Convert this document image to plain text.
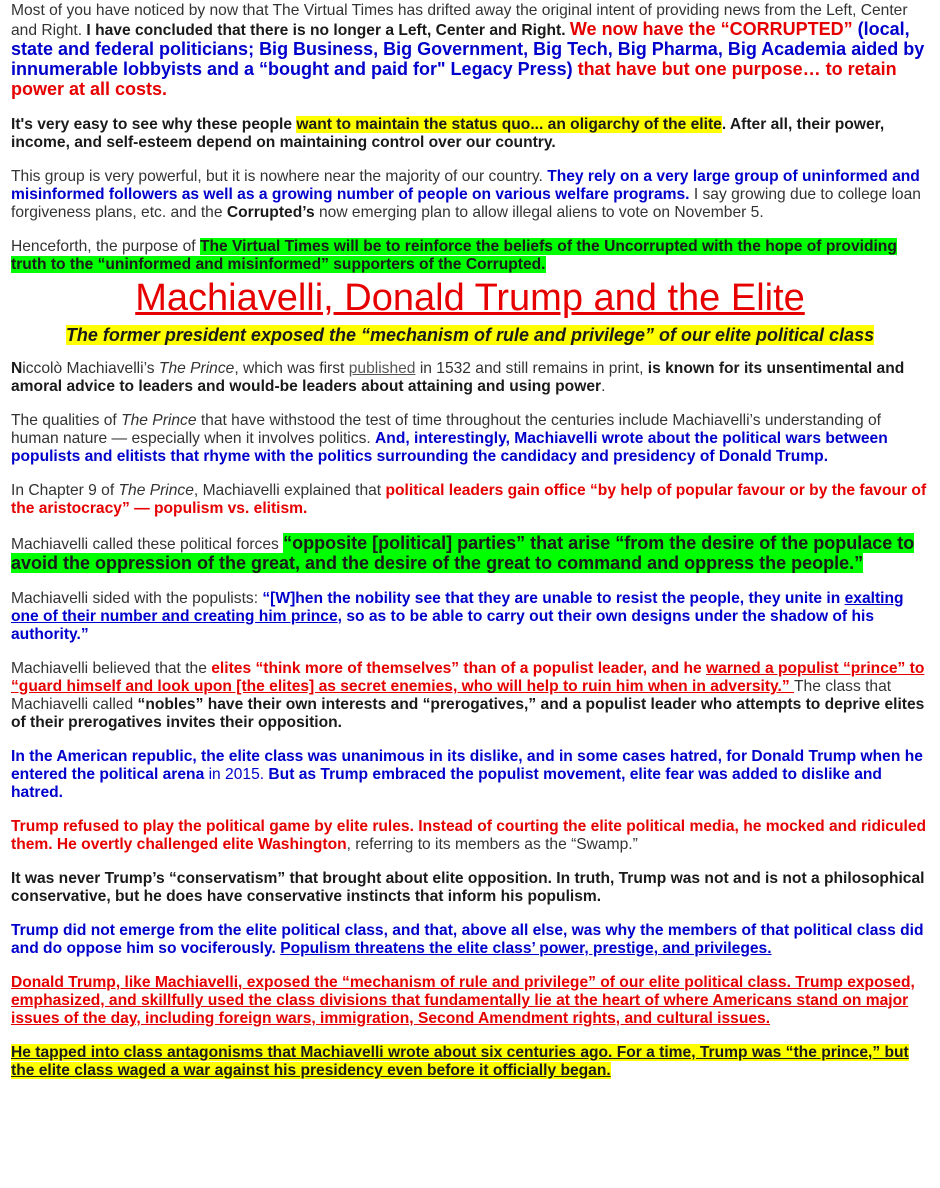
Most of you have noticed by now that The Virtual Times has drifted away the original intent of providing news from the Left, Center and Right. I have concluded that there is no longer a Left, Center and Right. We now have the “CORRUPTED” (local, state and federal politicians; Big Business, Big Government, Big Tech, Big Pharma, Big Academia aided by innumerable lobbyists and a “bought and paid for" Legacy Press) that have but one purpose… to retain power at all costs.

It's very easy to see why these people want to maintain the status quo... an oligarchy of the elite. After all, their power, income, and self-esteem depend on maintaining control over our country.

This group is very powerful, but it is nowhere near the majority of our country. They rely on a very large group of uninformed and misinformed followers as well as a growing number of people on various welfare programs. I say growing due to college loan forgiveness plans, etc. and the Corrupted’s now emerging plan to allow illegal aliens to vote on November 5.

Henceforth, the purpose of The Virtual Times will be to reinforce the beliefs of the Uncorrupted with the hope of providing truth to the “uninformed and misinformed” supporters of the Corrupted.

Machiavelli, Donald Trump and the Elite
The former president exposed the “mechanism of rule and privilege” of our elite political class

Niccolò Machiavelli’s The Prince, which was first published in 1532 and still remains in print, is known for its unsentimental and amoral advice to leaders and would-be leaders about attaining and using power.

The qualities of The Prince that have withstood the test of time throughout the centuries include Machiavelli’s understanding of human nature — especially when it involves politics. And, interestingly, Machiavelli wrote about the political wars between populists and elitists that rhyme with the politics surrounding the candidacy and presidency of Donald Trump.

In Chapter 9 of The Prince, Machiavelli explained that political leaders gain office “by help of popular favour or by the favour of the aristocracy” — populism vs. elitism.

Machiavelli called these political forces “opposite [political] parties” that arise “from the desire of the populace to avoid the oppression of the great, and the desire of the great to command and oppress the people.”

Machiavelli sided with the populists: “[W]hen the nobility see that they are unable to resist the people, they unite in exalting one of their number and creating him prince, so as to be able to carry out their own designs under the shadow of his authority.”

Machiavelli believed that the elites “think more of themselves” than of a populist leader, and he warned a populist “prince” to “guard himself and look upon [the elites] as secret enemies, who will help to ruin him when in adversity.” The class that Machiavelli called “nobles” have their own interests and “prerogatives,” and a populist leader who attempts to deprive elites of their prerogatives invites their opposition.

In the American republic, the elite class was unanimous in its dislike, and in some cases hatred, for Donald Trump when he entered the political arena in 2015. But as Trump embraced the populist movement, elite fear was added to dislike and hatred.

Trump refused to play the political game by elite rules. Instead of courting the elite political media, he mocked and ridiculed them. He overtly challenged elite Washington, referring to its members as the “Swamp.”

It was never Trump’s “conservatism” that brought about elite opposition. In truth, Trump was not and is not a philosophical conservative, but he does have conservative instincts that inform his populism.

Trump did not emerge from the elite political class, and that, above all else, was why the members of that political class did and do oppose him so vociferously. Populism threatens the elite class’ power, prestige, and privileges.

Donald Trump, like Machiavelli, exposed the “mechanism of rule and privilege” of our elite political class. Trump exposed, emphasized, and skillfully used the class divisions that fundamentally lie at the heart of where Americans stand on major issues of the day, including foreign wars, immigration, Second Amendment rights, and cultural issues.

He tapped into class antagonisms that Machiavelli wrote about six centuries ago. For a time, Trump was “the prince,” but the elite class waged a war against his presidency even before it officially began.
